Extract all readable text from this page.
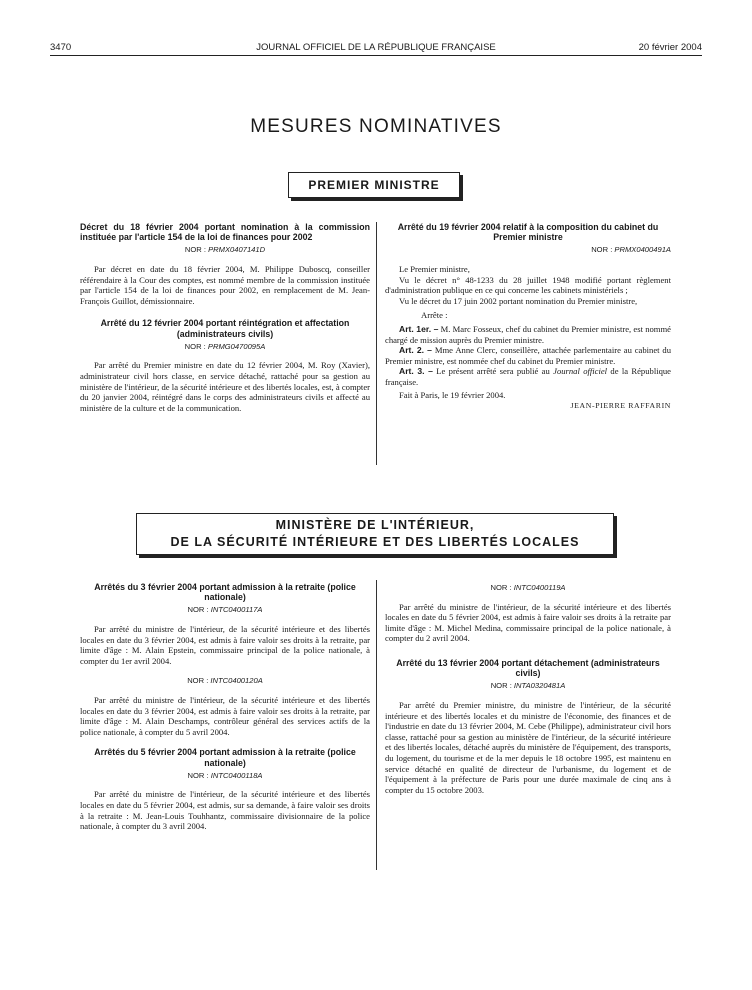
3470	JOURNAL OFFICIEL DE LA RÉPUBLIQUE FRANÇAISE	20 février 2004
MESURES NOMINATIVES
PREMIER MINISTRE
Décret du 18 février 2004 portant nomination à la commission instituée par l'article 154 de la loi de finances pour 2002
NOR : PRMX0407141D

Par décret en date du 18 février 2004, M. Philippe Duboscq, conseiller référendaire à la Cour des comptes, est nommé membre de la commission instituée par l'article 154 de la loi de finances pour 2002, en remplacement de M. Jean-François Guillot, démissionnaire.

Arrêté du 12 février 2004 portant réintégration et affectation (administrateurs civils)
NOR : PRMG0470095A

Par arrêté du Premier ministre en date du 12 février 2004, M. Roy (Xavier), administrateur civil hors classe, en service détaché, rattaché pour sa gestion au ministère de l'intérieur, de la sécurité intérieure et des libertés locales, est, à compter du 20 janvier 2004, réintégré dans le corps des administrateurs civils et affecté au ministère de la culture et de la communication.

Arrêté du 19 février 2004 relatif à la composition du cabinet du Premier ministre
NOR : PRMX0400491A

Le Premier ministre,

Vu le décret n° 48-1233 du 28 juillet 1948 modifié portant règlement d'administration publique en ce qui concerne les cabinets ministériels ;

Vu le décret du 17 juin 2002 portant nomination du Premier ministre,

Arrête :

Art. 1er. – M. Marc Fosseux, chef du cabinet du Premier ministre, est nommé chargé de mission auprès du Premier ministre.

Art. 2. – Mme Anne Clerc, conseillère, attachée parlementaire au cabinet du Premier ministre, est nommée chef du cabinet du Premier ministre.

Art. 3. – Le présent arrêté sera publié au Journal officiel de la République française.

Fait à Paris, le 19 février 2004.

JEAN-PIERRE RAFFARIN
MINISTÈRE DE L'INTÉRIEUR,
DE LA SÉCURITÉ INTÉRIEURE ET DES LIBERTÉS LOCALES
Arrêtés du 3 février 2004 portant admission à la retraite (police nationale)
NOR : INTC0400117A

Par arrêté du ministre de l'intérieur, de la sécurité intérieure et des libertés locales en date du 3 février 2004, est admis à faire valoir ses droits à la retraite, par limite d'âge : M. Alain Epstein, commissaire principal de la police nationale, à compter du 1er avril 2004.

NOR : INTC0400120A

Par arrêté du ministre de l'intérieur, de la sécurité intérieure et des libertés locales en date du 3 février 2004, est admis à faire valoir ses droits à la retraite, par limite d'âge : M. Alain Deschamps, contrôleur général des services actifs de la police nationale, à compter du 5 avril 2004.

Arrêtés du 5 février 2004 portant admission à la retraite (police nationale)
NOR : INTC0400118A

Par arrêté du ministre de l'intérieur, de la sécurité intérieure et des libertés locales en date du 5 février 2004, est admis, sur sa demande, à faire valoir ses droits à la retraite : M. Jean-Louis Touhhantz, commissaire divisionnaire de la police nationale, à compter du 3 avril 2004.

NOR : INTC0400119A

Par arrêté du ministre de l'intérieur, de la sécurité intérieure et des libertés locales en date du 5 février 2004, est admis à faire valoir ses droits à la retraite par limite d'âge : M. Michel Medina, commissaire principal de la police nationale, à compter du 2 avril 2004.

Arrêté du 13 février 2004 portant détachement (administrateurs civils)
NOR : INTA0320481A

Par arrêté du Premier ministre, du ministre de l'intérieur, de la sécurité intérieure et des libertés locales et du ministre de l'économie, des finances et de l'industrie en date du 13 février 2004, M. Cebe (Philippe), administrateur civil hors classe, rattaché pour sa gestion au ministère de l'intérieur, de la sécurité intérieure et des libertés locales, détaché auprès du ministère de l'équipement, des transports, du logement, du tourisme et de la mer depuis le 18 octobre 1995, est maintenu en service détaché en qualité de directeur de l'urbanisme, du logement et de l'équipement à la préfecture de Paris pour une durée maximale de cinq ans à compter du 15 octobre 2003.
